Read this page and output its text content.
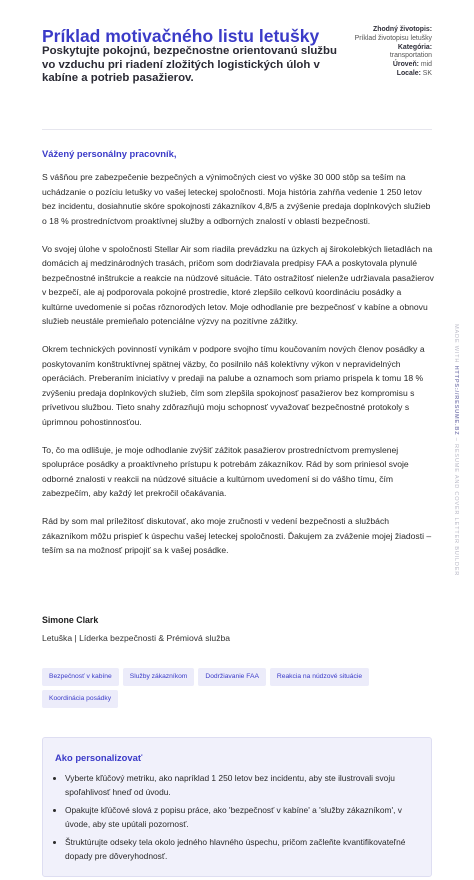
Príklad motivačného listu letušky
Poskytujte pokojnú, bezpečnostne orientovanú službu vo vzduchu pri riadení zložitých logistických úloh v kabíne a potrieb pasažierov.
Zhodný životopis:
Príklad životopisu letušky
Kategória:
transportation
Úroveň: mid
Locale: SK
Vážený personálny pracovník,

S vášňou pre zabezpečenie bezpečných a výnimočných ciest vo výške 30 000 stôp sa teším na uchádzanie o pozíciu letušky vo vašej leteckej spoločnosti. Moja história zahŕňa vedenie 1 250 letov bez incidentu, dosiahnutie skóre spokojnosti zákazníkov 4,8/5 a zvýšenie predaja doplnkových služieb o 18 % prostredníctvom proaktívnej služby a odborných znalostí v oblasti bezpečnosti.

Vo svojej úlohe v spoločnosti Stellar Air som riadila prevádzku na úzkych aj širokolebkých lietadlách na domácich aj medzinárodných trasách, pričom som dodržiavala predpisy FAA a poskytovala plynulé bezpečnostné inštrukcie a reakcie na núdzové situácie. Táto ostražitosť nielenže udržiavala pasažierov v bezpečí, ale aj podporovala pokojné prostredie, ktoré zlepšilo celkovú koordináciu posádky a kultúrne uvedomenie si počas rôznorodých letov. Moje odhodlanie pre bezpečnosť v kabíne a obnovu služieb neustále premieňalo potenciálne výzvy na pozitívne zážitky.

Okrem technických povinností vynikám v podpore svojho tímu koučovaním nových členov posádky a poskytovaním konštruktívnej spätnej väzby, čo posilnilo náš kolektívny výkon v nepravidelných operáciách. Preberaním iniciatívy v predaji na palube a oznamoch som priamo prispela k tomu 18 % zvýšeniu predaja doplnkových služieb, čím som zlepšila spokojnosť pasažierov bez kompromisu s prívetivou službou. Tieto snahy zdôrazňujú moju schopnosť vyvažovať bezpečnostné protokoly s úprimnou pohostinnosťou.

To, čo ma odlišuje, je moje odhodlanie zvýšiť zážitok pasažierov prostredníctvom premyslenej spolupráce posádky a proaktívneho prístupu k potrebám zákazníkov. Rád by som priniesol svoje odborné znalosti v reakcii na núdzové situácie a kultúrnom uvedomení si do vášho tímu, čím zabezpečím, aby každý let prekročil očakávania.

Rád by som mal príležitosť diskutovať, ako moje zručnosti v vedení bezpečnosti a službách zákazníkom môžu prispieť k úspechu vašej leteckej spoločnosti. Ďakujem za zváženie mojej žiadosti – teším sa na možnosť pripojiť sa k vašej posádke.

Simone Clark
Letuška | Líderka bezpečnosti & Prémiová služba
Bezpečnosť v kabíne	Služby zákazníkom	Dodržiavanie FAA	Reakcia na núdzové situácieKoordinácia posádky
Ako personalizovať
• Vyberte kľúčový metriku, ako napríklad 1 250 letov bez incidentu, aby ste ilustrovali svoju spoľahlivosť hneď od úvodu.
• Opakujte kľúčové slová z popisu práce, ako 'bezpečnosť v kabíne' a 'služby zákazníkom', v úvode, aby ste upútali pozornosť.
• Štruktúrujte odseky tela okolo jedného hlavného úspechu, pričom začleňte kvantifikovateľné dopady pre dôveryhodnosť.
MADE WITH HTTPS://RESUME.BZ – RESUME AND COVER LETTER BUILDER
